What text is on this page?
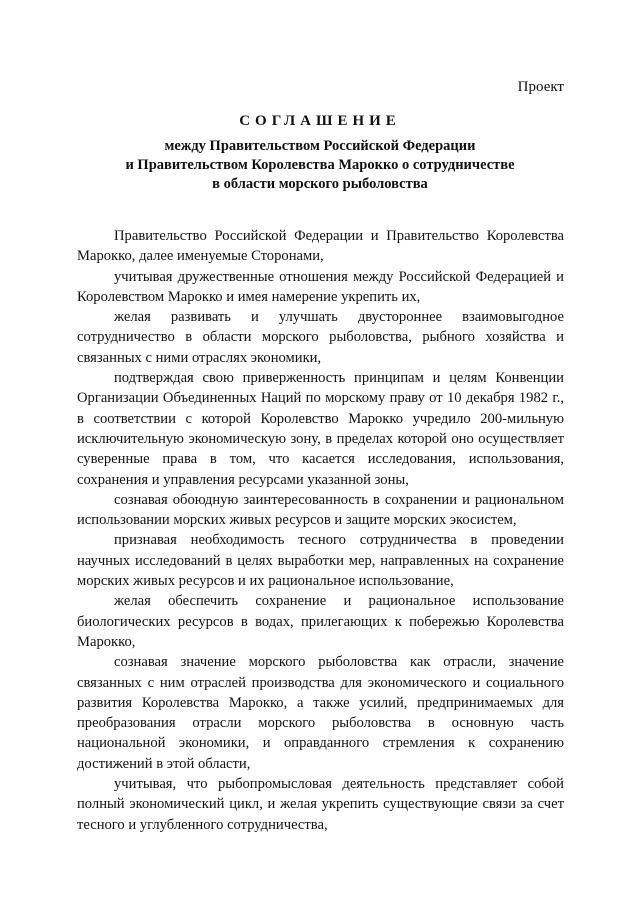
Проект
СОГЛАШЕНИЕ
между Правительством Российской Федерации
и Правительством Королевства Марокко о сотрудничестве
в области морского рыболовства

Правительство Российской Федерации и Правительство Королевства Марокко, далее именуемые Сторонами,

учитывая дружественные отношения между Российской Федерацией и Королевством Марокко и имея намерение укрепить их,

желая развивать и улучшать двустороннее взаимовыгодное сотрудничество в области морского рыболовства, рыбного хозяйства и связанных с ними отраслях экономики,

подтверждая свою приверженность принципам и целям Конвенции Организации Объединенных Наций по морскому праву от 10 декабря 1982 г., в соответствии с которой Королевство Марокко учредило 200-мильную исключительную экономическую зону, в пределах которой оно осуществляет суверенные права в том, что касается исследования, использования, сохранения и управления ресурсами указанной зоны,

сознавая обоюдную заинтересованность в сохранении и рациональном использовании морских живых ресурсов и защите морских экосистем,

признавая необходимость тесного сотрудничества в проведении научных исследований в целях выработки мер, направленных на сохранение морских живых ресурсов и их рациональное использование,

желая обеспечить сохранение и рациональное использование биологических ресурсов в водах, прилегающих к побережью Королевства Марокко,

сознавая значение морского рыболовства как отрасли, значение связанных с ним отраслей производства для экономического и социального развития Королевства Марокко, а также усилий, предпринимаемых для преобразования отрасли морского рыболовства в основную часть национальной экономики, и оправданного стремления к сохранению достижений в этой области,

учитывая, что рыбопромысловая деятельность представляет собой полный экономический цикл, и желая укрепить существующие связи за счет тесного и углубленного сотрудничества,
